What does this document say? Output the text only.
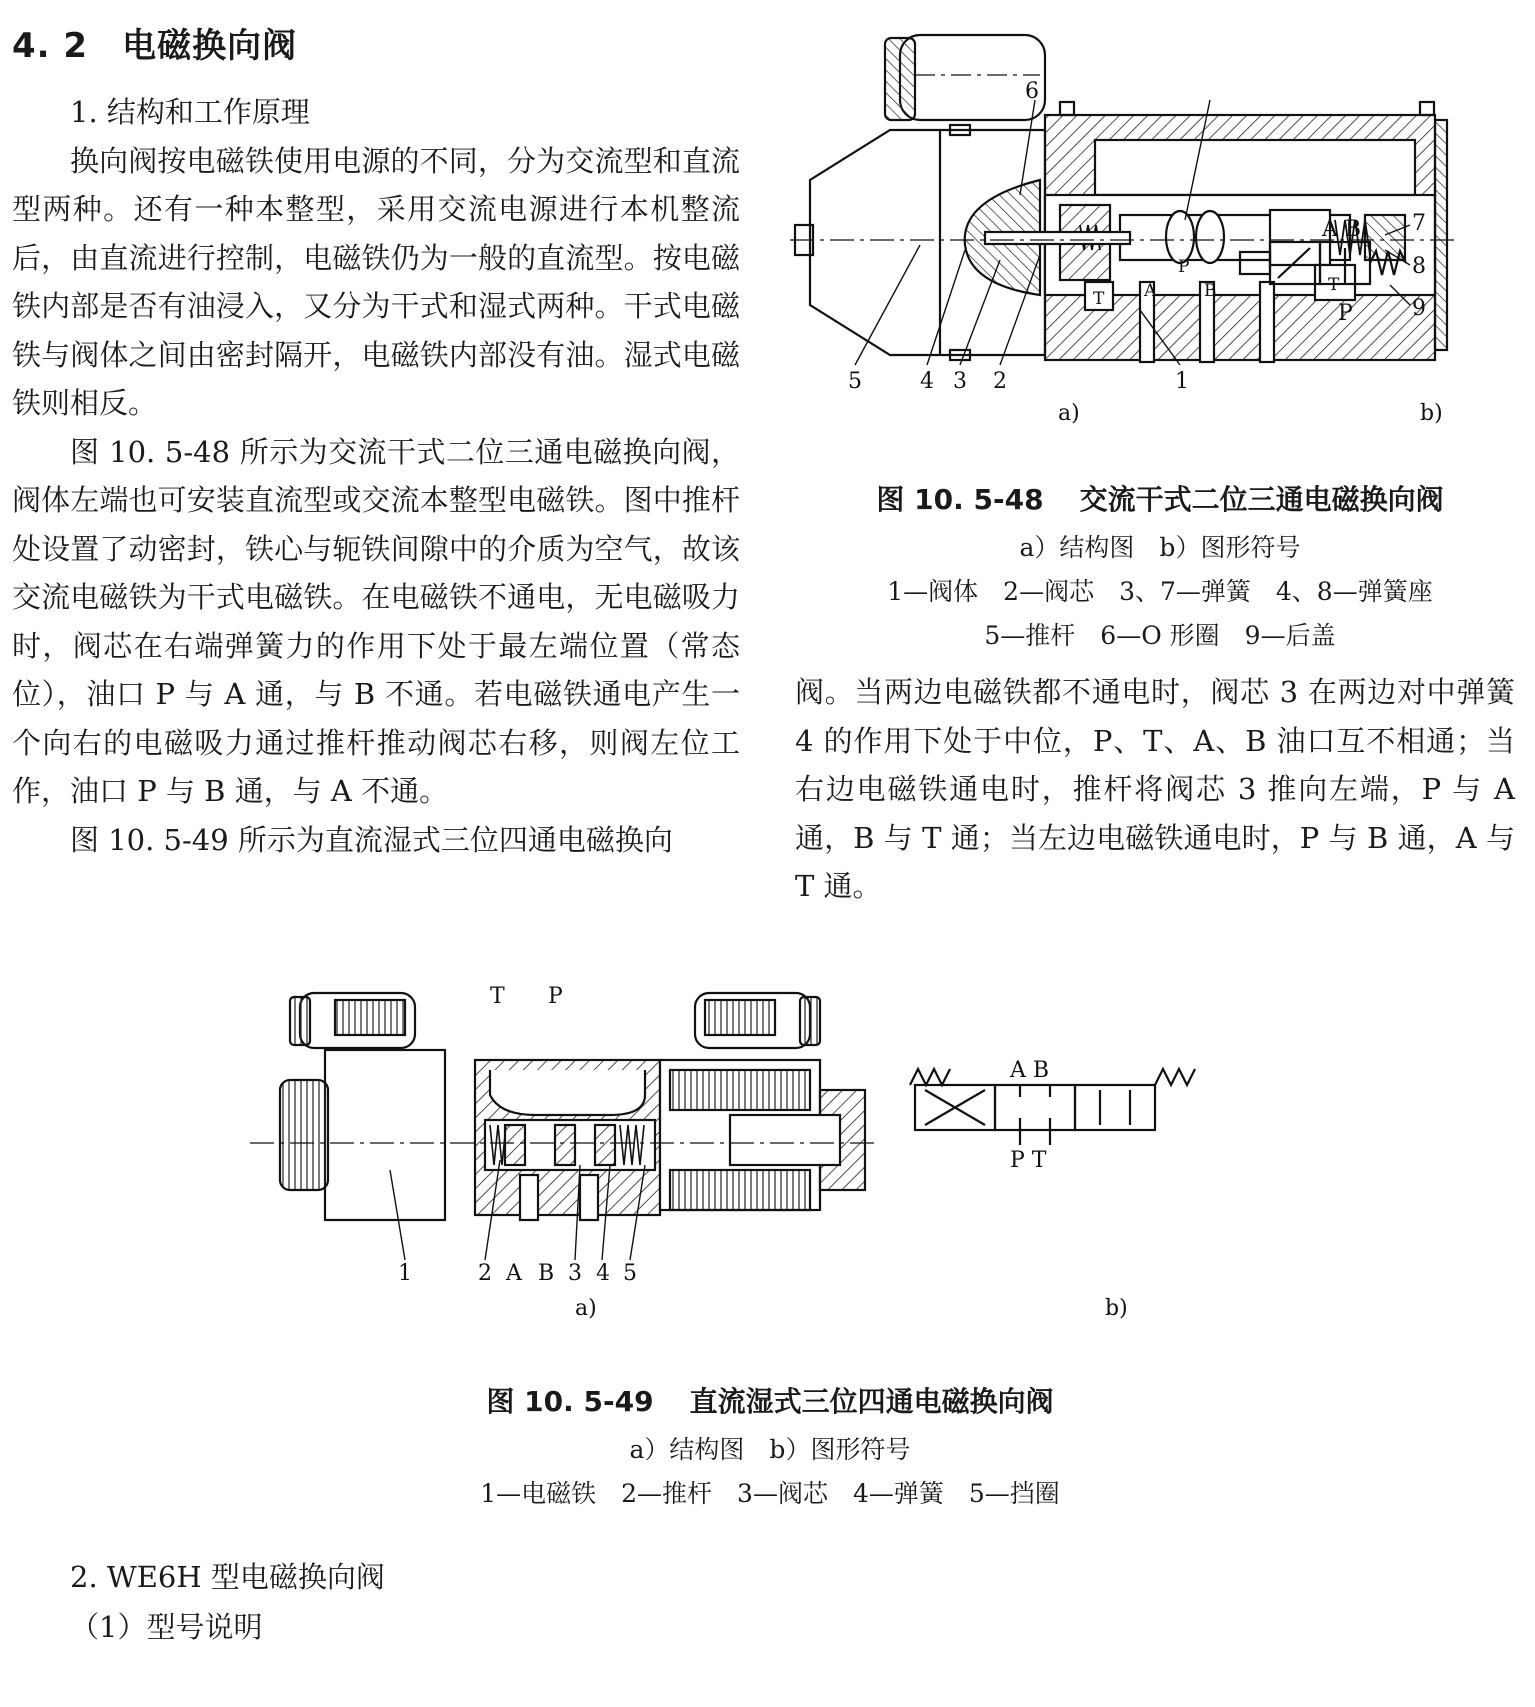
4. 2 电磁换向阀

1. 结构和工作原理

换向阀按电磁铁使用电源的不同，分为交流型和直流型两种。还有一种本整型，采用交流电源进行本机整流后，由直流进行控制，电磁铁仍为一般的直流型。按电磁铁内部是否有油浸入，又分为干式和湿式两种。干式电磁铁与阀体之间由密封隔开，电磁铁内部没有油。湿式电磁铁则相反。

图 10. 5-48 所示为交流干式二位三通电磁换向阀，阀体左端也可安装直流型或交流本整型电磁铁。图中推杆处设置了动密封，铁心与轭铁间隙中的介质为空气，故该交流电磁铁为干式电磁铁。在电磁铁不通电，无电磁吸力时，阀芯在右端弹簧力的作用下处于最左端位置（常态位），油口 P 与 A 通，与 B 不通。若电磁铁通电产生一个向右的电磁吸力通过推杆推动阀芯右移，则阀左位工作，油口 P 与 B 通，与 A 不通。

图 10. 5-49 所示为直流湿式三位四通电磁换向

6
7
8
9
5	4 3 2	1
T A
P
B	T
A B
P
a)	b)
图 10. 5-48 交流干式二位三通电磁换向阀
a）结构图　b）图形符号
1—阀体　2—阀芯　3、7—弹簧　4、8—弹簧座
5—推杆　6—O 形圈　9—后盖

阀。当两边电磁铁都不通电时，阀芯 3 在两边对中弹簧 4 的作用下处于中位，P、T、A、B 油口互不相通；当右边电磁铁通电时，推杆将阀芯 3 推向左端，P 与 A 通，B 与 T 通；当左边电磁铁通电时，P 与 B 通，A 与 T 通。

T P
1	2 A B 3 4 5
A B
P T
a)	b)
图 10. 5-49 直流湿式三位四通电磁换向阀
a）结构图　b）图形符号
1—电磁铁　2—推杆　3—阀芯　4—弹簧　5—挡圈
2. WE6H 型电磁换向阀
（1）型号说明
